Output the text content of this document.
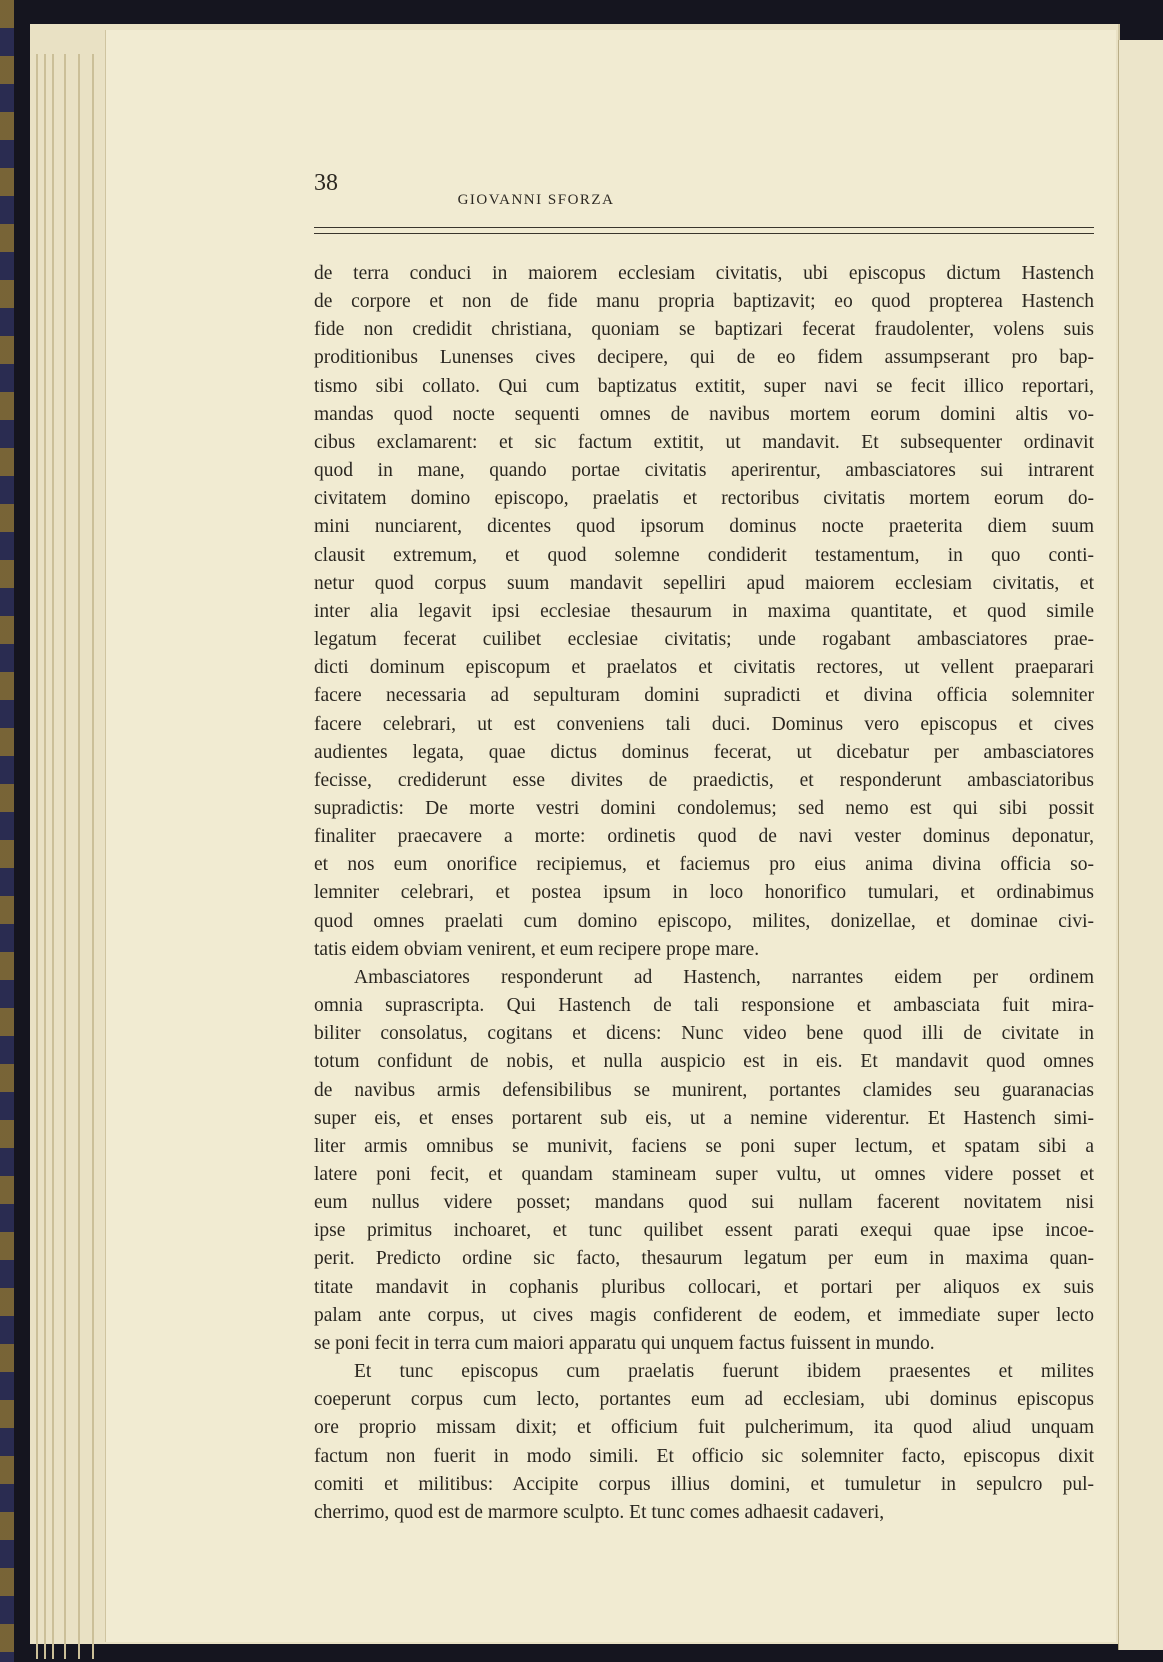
38

GIOVANNI SFORZA

de terra conduci in maiorem ecclesiam civitatis, ubi episcopus dictum Hastench
de corpore et non de fide manu propria baptizavit; eo quod propterea Hastench
fide non credidit christiana, quoniam se baptizari fecerat fraudolenter, volens suis
proditionibus Lunenses cives decipere, qui de eo fidem assumpserant pro bap-
tismo sibi collato. Qui cum baptizatus extitit, super navi se fecit illico reportari,
mandas quod nocte sequenti omnes de navibus mortem eorum domini altis vo-
cibus exclamarent: et sic factum extitit, ut mandavit. Et subsequenter ordinavit
quod in mane, quando portae civitatis aperirentur, ambasciatores sui intrarent
civitatem domino episcopo, praelatis et rectoribus civitatis mortem eorum do-
mini nunciarent, dicentes quod ipsorum dominus nocte praeterita diem suum
clausit extremum, et quod solemne condiderit testamentum, in quo conti-
netur quod corpus suum mandavit sepelliri apud maiorem ecclesiam civitatis, et
inter alia legavit ipsi ecclesiae thesaurum in maxima quantitate, et quod simile
legatum fecerat cuilibet ecclesiae civitatis; unde rogabant ambasciatores prae-
dicti dominum episcopum et praelatos et civitatis rectores, ut vellent praeparari
facere necessaria ad sepulturam domini supradicti et divina officia solemniter
facere celebrari, ut est conveniens tali duci. Dominus vero episcopus et cives
audientes legata, quae dictus dominus fecerat, ut dicebatur per ambasciatores
fecisse, crediderunt esse divites de praedictis, et responderunt ambasciatoribus
supradictis: De morte vestri domini condolemus; sed nemo est qui sibi possit
finaliter praecavere a morte: ordinetis quod de navi vester dominus deponatur,
et nos eum onorifice recipiemus, et faciemus pro eius anima divina officia so-
lemniter celebrari, et postea ipsum in loco honorifico tumulari, et ordinabimus
quod omnes praelati cum domino episcopo, milites, donizellae, et dominae civi-
tatis eidem obviam venirent, et eum recipere prope mare.
Ambasciatores responderunt ad Hastench, narrantes eidem per ordinem
omnia suprascripta. Qui Hastench de tali responsione et ambasciata fuit mira-
biliter consolatus, cogitans et dicens: Nunc video bene quod illi de civitate in
totum confidunt de nobis, et nulla auspicio est in eis. Et mandavit quod omnes
de navibus armis defensibilibus se munirent, portantes clamides seu guaranacias
super eis, et enses portarent sub eis, ut a nemine viderentur. Et Hastench simi-
liter armis omnibus se munivit, faciens se poni super lectum, et spatam sibi a
latere poni fecit, et quandam stamineam super vultu, ut omnes videre posset et
eum nullus videre posset; mandans quod sui nullam facerent novitatem nisi
ipse primitus inchoaret, et tunc quilibet essent parati exequi quae ipse incoe-
perit. Predicto ordine sic facto, thesaurum legatum per eum in maxima quan-
titate mandavit in cophanis pluribus collocari, et portari per aliquos ex suis
palam ante corpus, ut cives magis confiderent de eodem, et immediate super lecto
se poni fecit in terra cum maiori apparatu qui unquem factus fuissent in mundo.
Et tunc episcopus cum praelatis fuerunt ibidem praesentes et milites
coeperunt corpus cum lecto, portantes eum ad ecclesiam, ubi dominus episcopus
ore proprio missam dixit; et officium fuit pulcherimum, ita quod aliud unquam
factum non fuerit in modo simili. Et officio sic solemniter facto, episcopus dixit
comiti et militibus: Accipite corpus illius domini, et tumuletur in sepulcro pul-
cherrimo, quod est de marmore sculpto. Et tunc comes adhaesit cadaveri,
